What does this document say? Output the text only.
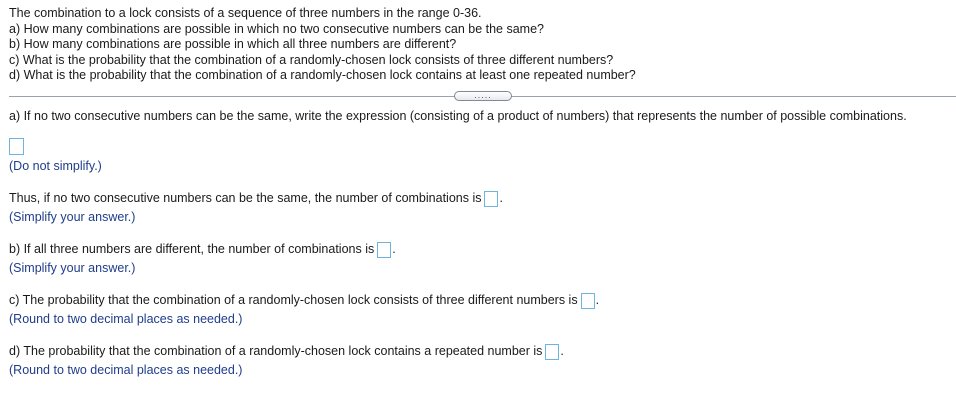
The combination to a lock consists of a sequence of three numbers in the range 0-36.
a) How many combinations are possible in which no two consecutive numbers can be the same?
b) How many combinations are possible in which all three numbers are different?
c) What is the probability that the combination of a randomly-chosen lock consists of three different numbers?
d) What is the probability that the combination of a randomly-chosen lock contains at least one repeated number?
.....
a) If no two consecutive numbers can be the same, write the expression (consisting of a product of numbers) that represents the number of possible combinations.
(Do not simplify.)
Thus, if no two consecutive numbers can be the same, the number of combinations is .
(Simplify your answer.)
b) If all three numbers are different, the number of combinations is .
(Simplify your answer.)
c) The probability that the combination of a randomly-chosen lock consists of three different numbers is .
(Round to two decimal places as needed.)
d) The probability that the combination of a randomly-chosen lock contains a repeated number is .
(Round to two decimal places as needed.)
